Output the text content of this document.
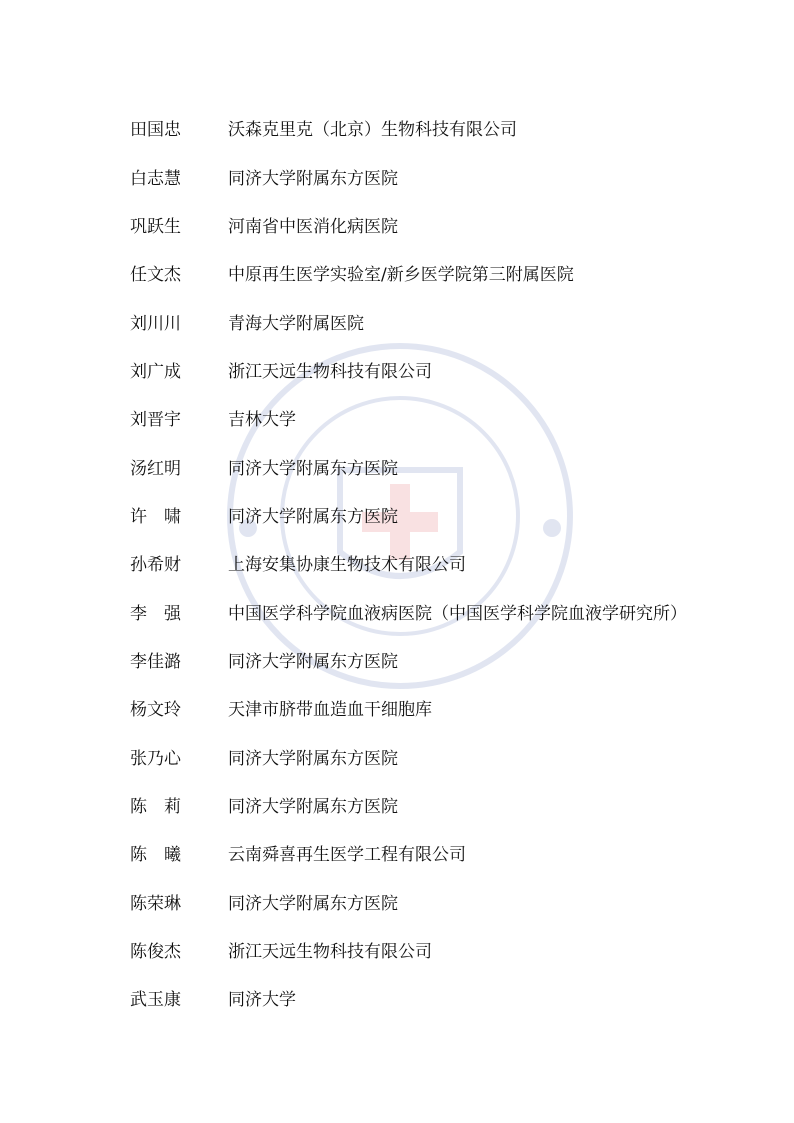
田国忠	沃森克里克（北京）生物科技有限公司
白志慧	同济大学附属东方医院
巩跃生	河南省中医消化病医院
任文杰	中原再生医学实验室/新乡医学院第三附属医院
刘川川	青海大学附属医院
刘广成	浙江天远生物科技有限公司
刘晋宇	吉林大学
汤红明	同济大学附属东方医院
许　啸	同济大学附属东方医院
孙希财	上海安集协康生物技术有限公司
李　强	中国医学科学院血液病医院（中国医学科学院血液学研究所）
李佳潞	同济大学附属东方医院
杨文玲	天津市脐带血造血干细胞库
张乃心	同济大学附属东方医院
陈　莉	同济大学附属东方医院
陈　曦	云南舜喜再生医学工程有限公司
陈荣琳	同济大学附属东方医院
陈俊杰	浙江天远生物科技有限公司
武玉康	同济大学
